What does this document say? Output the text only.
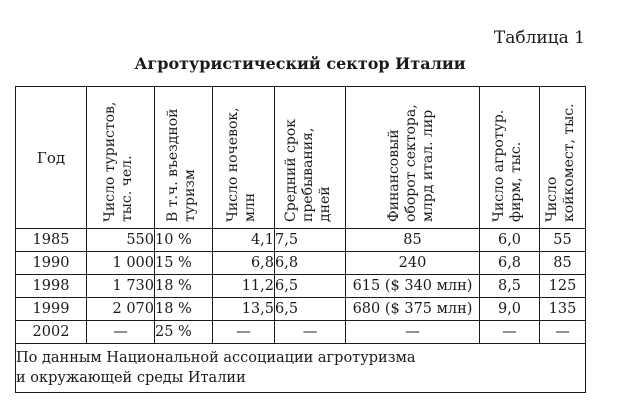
Таблица 1
Агротуристический сектор Италии
Год	Число туристов, тыс. чел.	В т.ч. въездной туризм	Число ночевок, млн	Средний срок пребывания, дней	Финансовый оборот сектора, млрд итал. лир	Число агротур. фирм, тыс.	Число койкомест, тыс.

1985	550	10 %	4,1	7,5	85	6,0	55
1990	1 000	15 %	6,8	6,8	240	6,8	85
1998	1 730	18 %	11,2	6,5	615 ($ 340 млн)	8,5	125
1999	2 070	18 %	13,5	6,5	680 ($ 375 млн)	9,0	135
2002	—	25 %	—	—	—	—	—
По данным Национальной ассоциации агротуризма
и окружающей среды Италии							
